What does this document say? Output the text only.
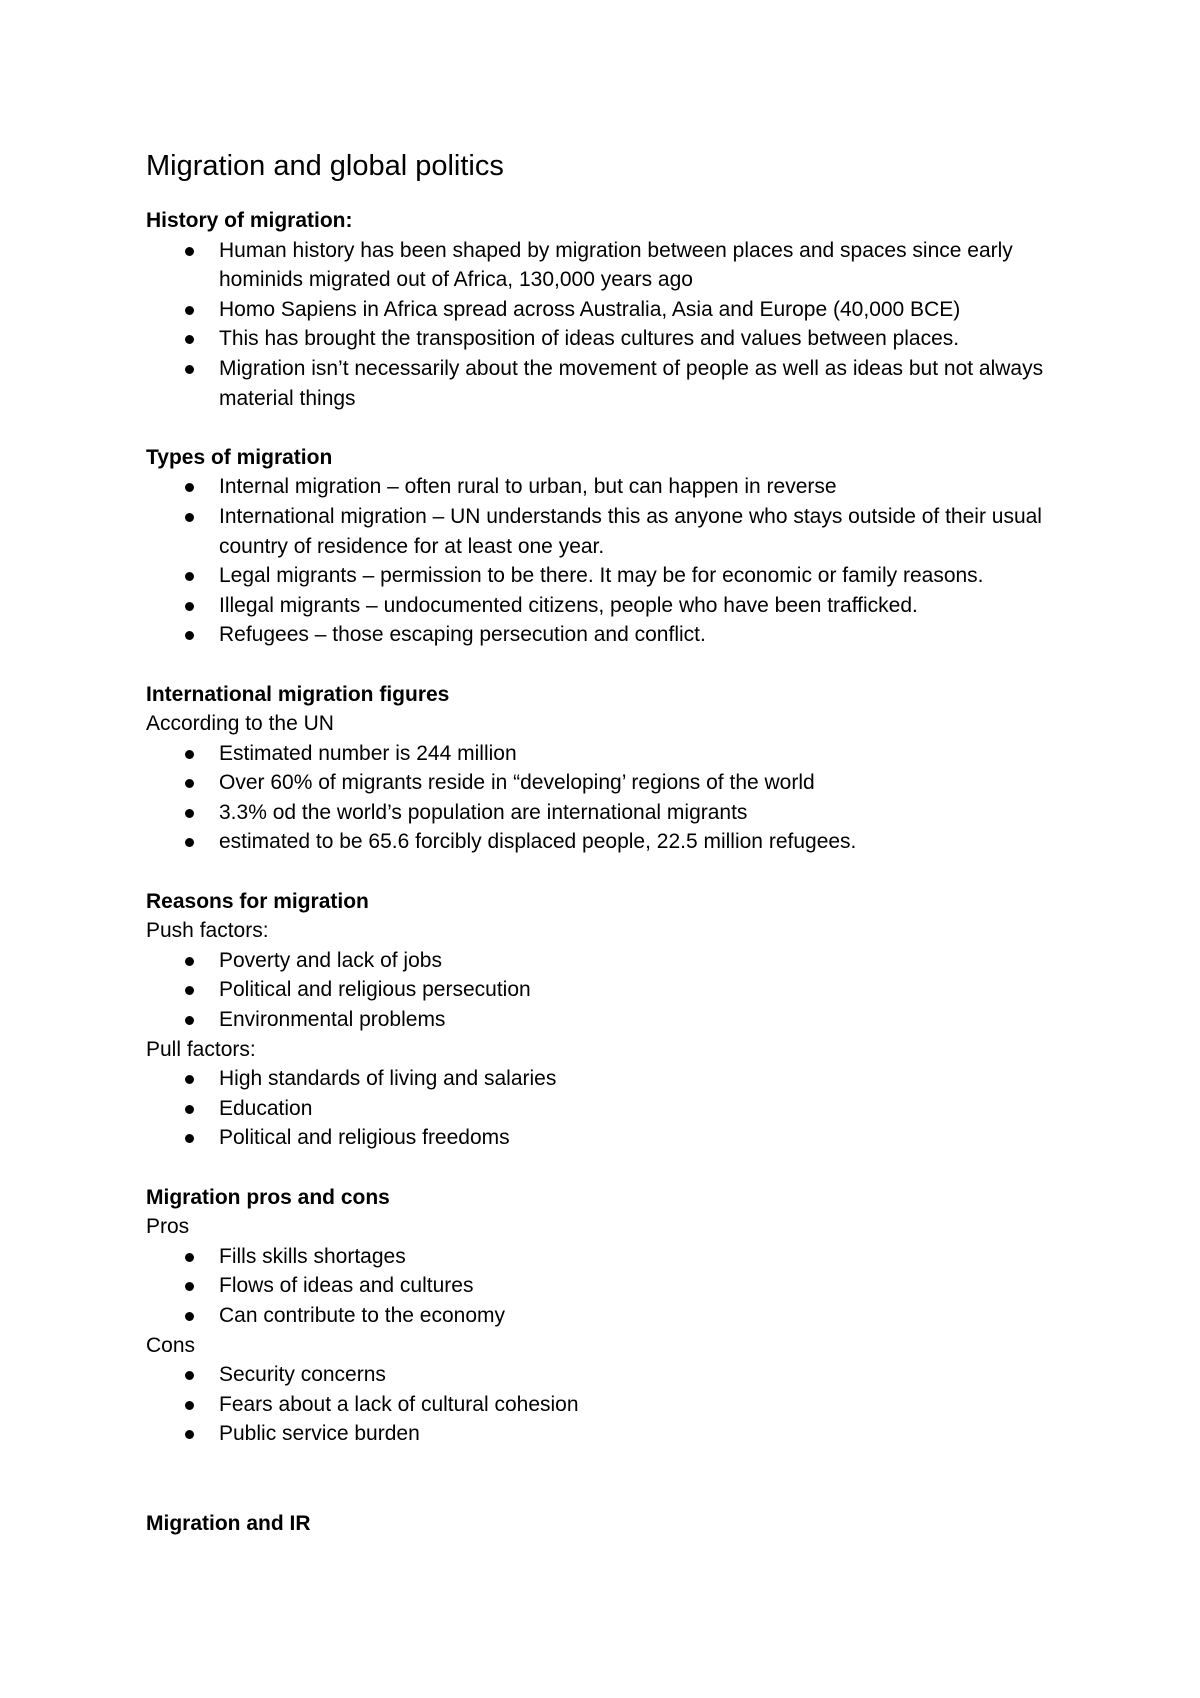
Migration and global politics
History of migration:
Human history has been shaped by migration between places and spaces since early hominids migrated out of Africa, 130,000 years ago
Homo Sapiens in Africa spread across Australia, Asia and Europe (40,000 BCE)
This has brought the transposition of ideas cultures and values between places.
Migration isn’t necessarily about the movement of people as well as ideas but not always material things
Types of migration
Internal migration – often rural to urban, but can happen in reverse
International migration – UN understands this as anyone who stays outside of their usual country of residence for at least one year.
Legal migrants – permission to be there. It may be for economic or family reasons.
Illegal migrants – undocumented citizens, people who have been trafficked.
Refugees – those escaping persecution and conflict.
International migration figures
According to the UN
Estimated number is 244 million
Over 60% of migrants reside in “developing’ regions of the world
3.3% od the world’s population are international migrants
estimated to be 65.6 forcibly displaced people, 22.5 million refugees.
Reasons for migration
Push factors:
Poverty and lack of jobs
Political and religious persecution
Environmental problems
Pull factors:
High standards of living and salaries
Education
Political and religious freedoms
Migration pros and cons
Pros
Fills skills shortages
Flows of ideas and cultures
Can contribute to the economy
Cons
Security concerns
Fears about a lack of cultural cohesion
Public service burden
Migration and IR
